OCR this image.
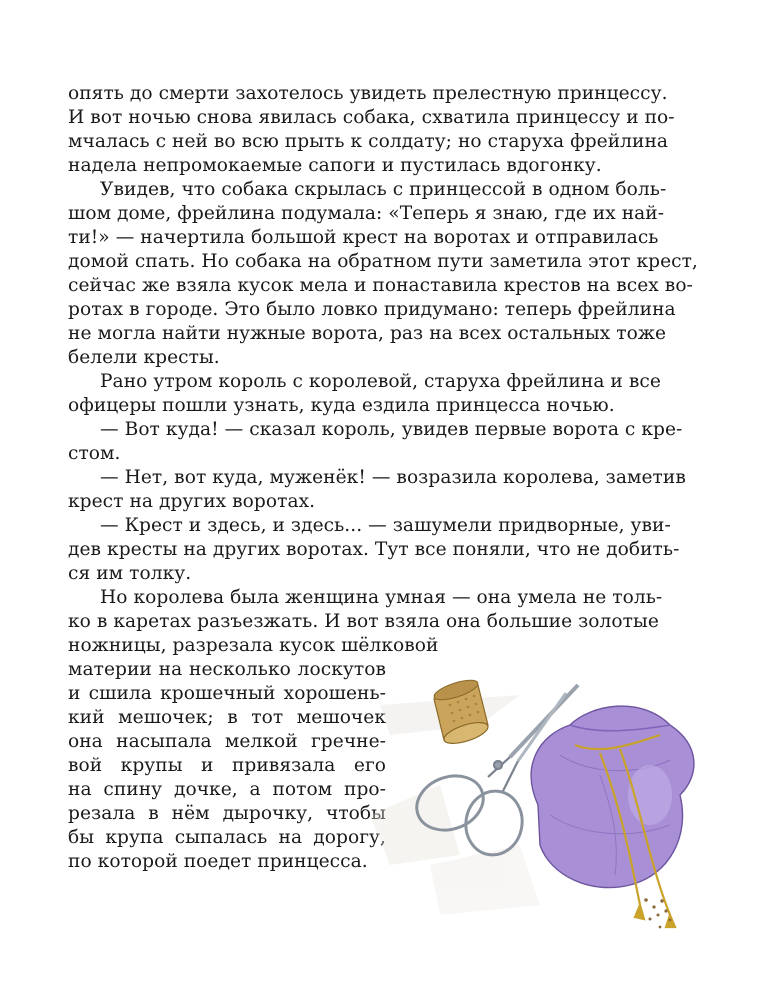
опять до смерти захотелось увидеть прелестную принцессу.
И вот ночью снова явилась собака, схватила принцессу и по-
мчалась с ней во всю прыть к солдату; но старуха фрейлина
надела непромокаемые сапоги и пустилась вдогонку.
Увидев, что собака скрылась с принцессой в одном боль-
шом доме, фрейлина подумала: «Теперь я знаю, где их най-
ти!» — начертила большой крест на воротах и отправилась
домой спать. Но собака на обратном пути заметила этот крест,
сейчас же взяла кусок мела и понаставила крестов на всех во-
ротах в городе. Это было ловко придумано: теперь фрейлина
не могла найти нужные ворота, раз на всех остальных тоже
белели кресты.
Рано утром король с королевой, старуха фрейлина и все
офицеры пошли узнать, куда ездила принцесса ночью.
— Вот куда! — сказал король, увидев первые ворота с кре-
стом.
— Нет, вот куда, муженёк! — возразила королева, заметив
крест на других воротах.
— Крест и здесь, и здесь... — зашумели придворные, уви-
дев кресты на других воротах. Тут все поняли, что не добить-
ся им толку.
Но королева была женщина умная — она умела не толь-
ко в каретах разъезжать. И вот взяла она большие золотые
ножницы, разрезала кусок шёлковой
материи на несколько лоскутов
и сшила крошечный хорошень-
кий мешочек; в тот мешочек
она насыпала мелкой гречне-
вой крупы и привязала его
на спину дочке, а потом про-
резала в нём дырочку, чтобы
бы крупа сыпалась на дорогу,
по которой поедет принцесса.
